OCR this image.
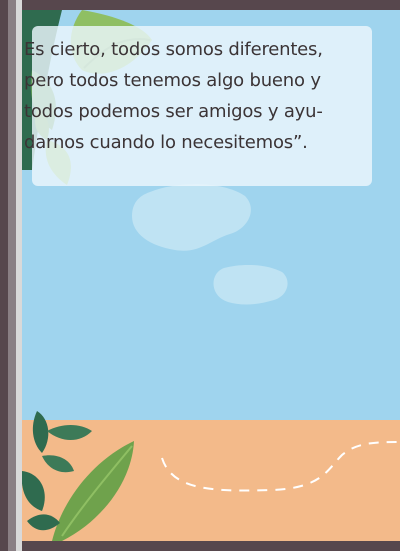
Es cierto, todos somos diferentes,
pero todos tenemos algo bueno y
todos podemos ser amigos y ayu-
darnos cuando lo necesitemos”.
